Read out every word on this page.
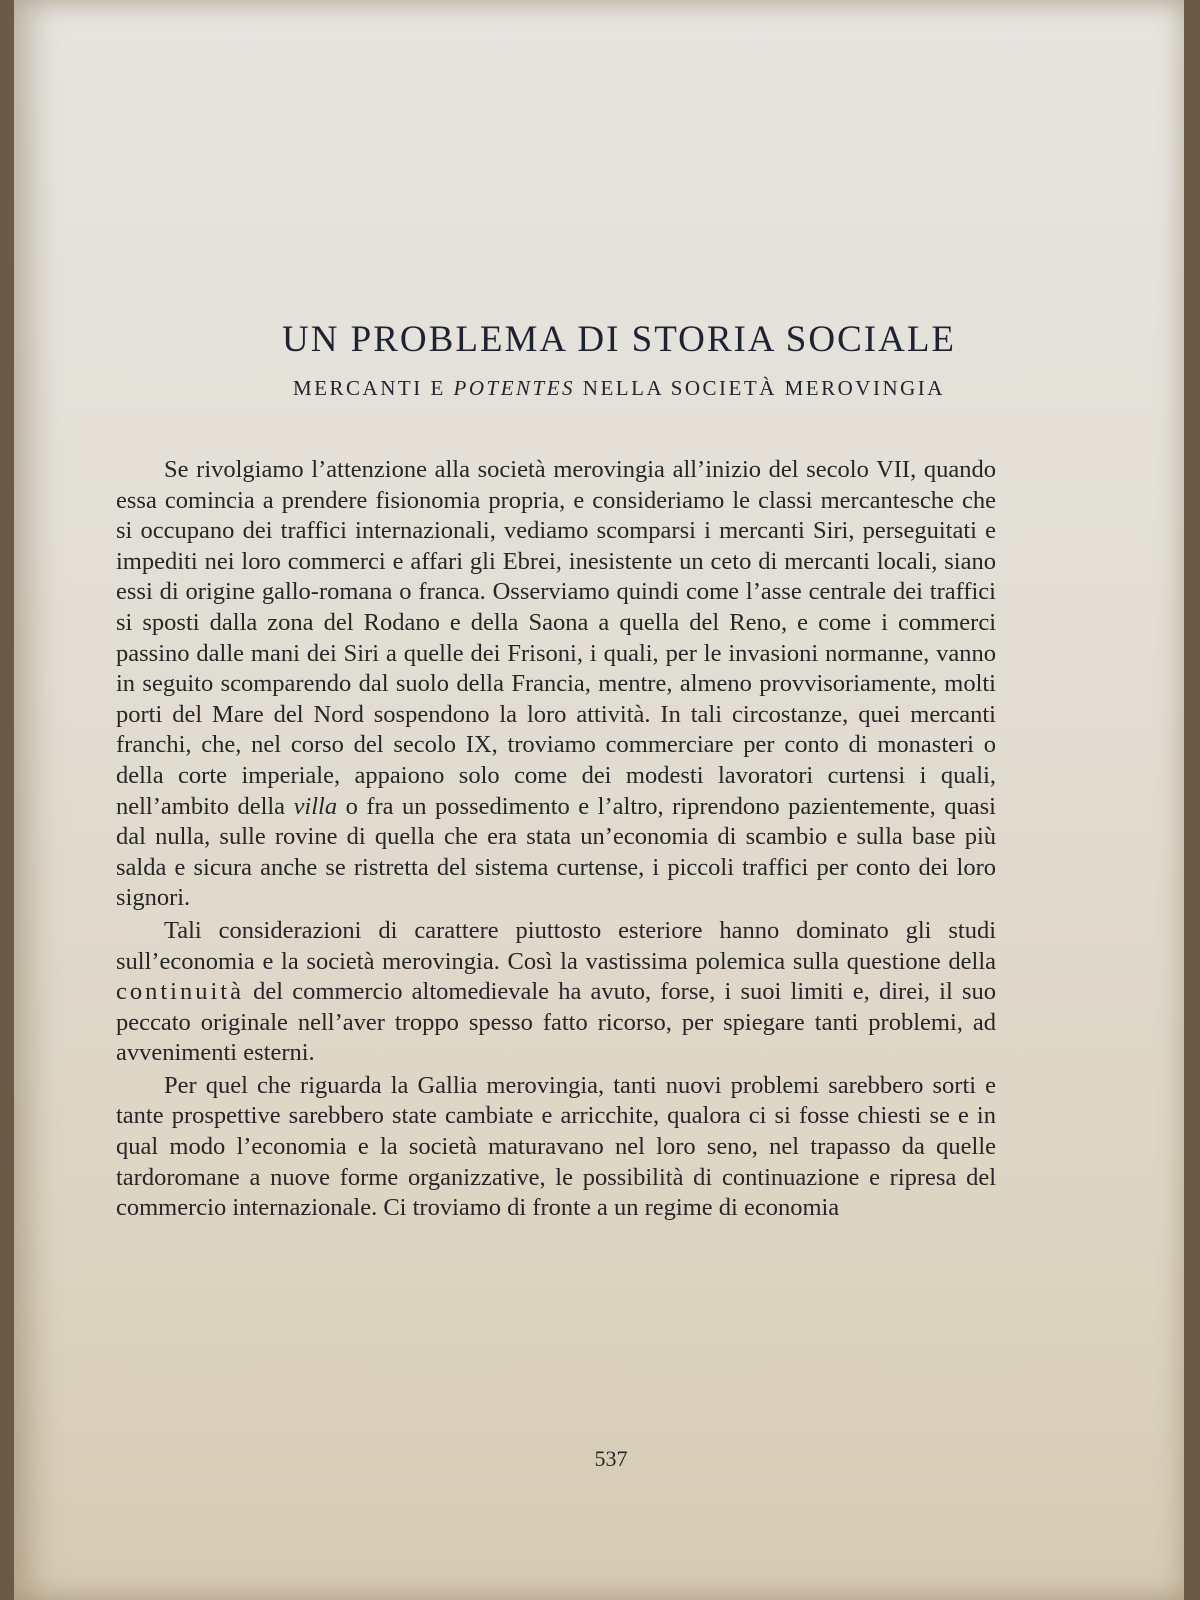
UN PROBLEMA DI STORIA SOCIALE
MERCANTI E POTENTES NELLA SOCIETÀ MEROVINGIA

Se rivolgiamo l’attenzione alla società merovingia all’inizio del secolo VII, quando essa comincia a prendere fisionomia propria, e consideriamo le classi mercantesche che si occupano dei traffici internazionali, vediamo scomparsi i mercanti Siri, perseguitati e impediti nei loro commerci e affari gli Ebrei, inesistente un ceto di mercanti locali, siano essi di origine gallo-romana o franca. Osserviamo quindi come l’asse centrale dei traffici si sposti dalla zona del Rodano e della Saona a quella del Reno, e come i commerci passino dalle mani dei Siri a quelle dei Frisoni, i quali, per le invasioni normanne, vanno in seguito scomparendo dal suolo della Francia, mentre, almeno provvisoriamente, molti porti del Mare del Nord sospendono la loro attività. In tali circostanze, quei mercanti franchi, che, nel corso del secolo IX, troviamo commerciare per conto di monasteri o della corte imperiale, appaiono solo come dei modesti lavoratori curtensi i quali, nell’ambito della villa o fra un possedimento e l’altro, riprendono pazientemente, quasi dal nulla, sulle rovine di quella che era stata un’economia di scambio e sulla base più salda e sicura anche se ristretta del sistema curtense, i piccoli traffici per conto dei loro signori.

Tali considerazioni di carattere piuttosto esteriore hanno dominato gli studi sull’economia e la società merovingia. Così la vastissima polemica sulla questione della continuità del commercio altomedievale ha avuto, forse, i suoi limiti e, direi, il suo peccato originale nell’aver troppo spesso fatto ricorso, per spiegare tanti problemi, ad avvenimenti esterni.

Per quel che riguarda la Gallia merovingia, tanti nuovi problemi sarebbero sorti e tante prospettive sarebbero state cambiate e arricchite, qualora ci si fosse chiesti se e in qual modo l’economia e la società maturavano nel loro seno, nel trapasso da quelle tardoromane a nuove forme organizzative, le possibilità di continuazione e ripresa del commercio internazionale. Ci troviamo di fronte a un regime di economia

537
